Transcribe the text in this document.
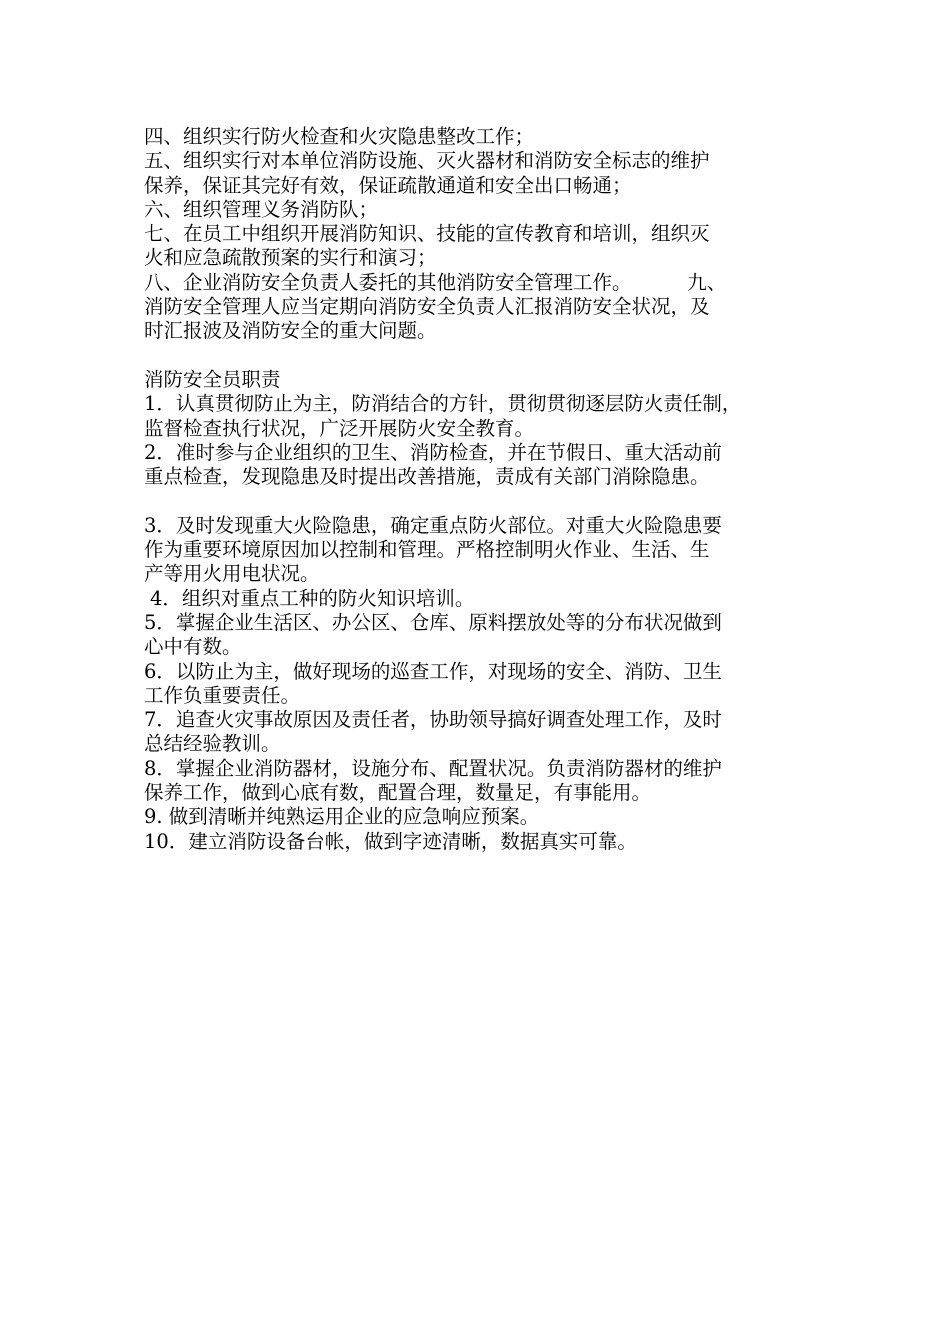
四、组织实行防火检查和火灾隐患整改工作；

五、组织实行对本单位消防设施、灭火器材和消防安全标志的维护

保养，保证其完好有效，保证疏散通道和安全出口畅通；

六、组织管理义务消防队；

七、在员工中组织开展消防知识、技能的宣传教育和培训，组织灭

火和应急疏散预案的实行和演习；

八、企业消防安全负责人委托的其他消防安全管理工作。         九、

消防安全管理人应当定期向消防安全负责人汇报消防安全状况，及

时汇报波及消防安全的重大问题。

消防安全员职责

1．认真贯彻防止为主，防消结合的方针，贯彻贯彻逐层防火责任制，

监督检查执行状况，广泛开展防火安全教育。

2．准时参与企业组织的卫生、消防检查，并在节假日、重大活动前

重点检查，发现隐患及时提出改善措施，责成有关部门消除隐患。

3．及时发现重大火险隐患，确定重点防火部位。对重大火险隐患要

作为重要环境原因加以控制和管理。严格控制明火作业、生活、生

产等用火用电状况。

4．组织对重点工种的防火知识培训。

5．掌握企业生活区、办公区、仓库、原料摆放处等的分布状况做到

心中有数。

6．以防止为主，做好现场的巡查工作，对现场的安全、消防、卫生

工作负重要责任。

7．追查火灾事故原因及责任者，协助领导搞好调查处理工作，及时

总结经验教训。

8．掌握企业消防器材，设施分布、配置状况。负责消防器材的维护

保养工作，做到心底有数，配置合理，数量足，有事能用。

9. 做到清晰并纯熟运用企业的应急响应预案。

10．建立消防设备台帐，做到字迹清晰，数据真实可靠。
